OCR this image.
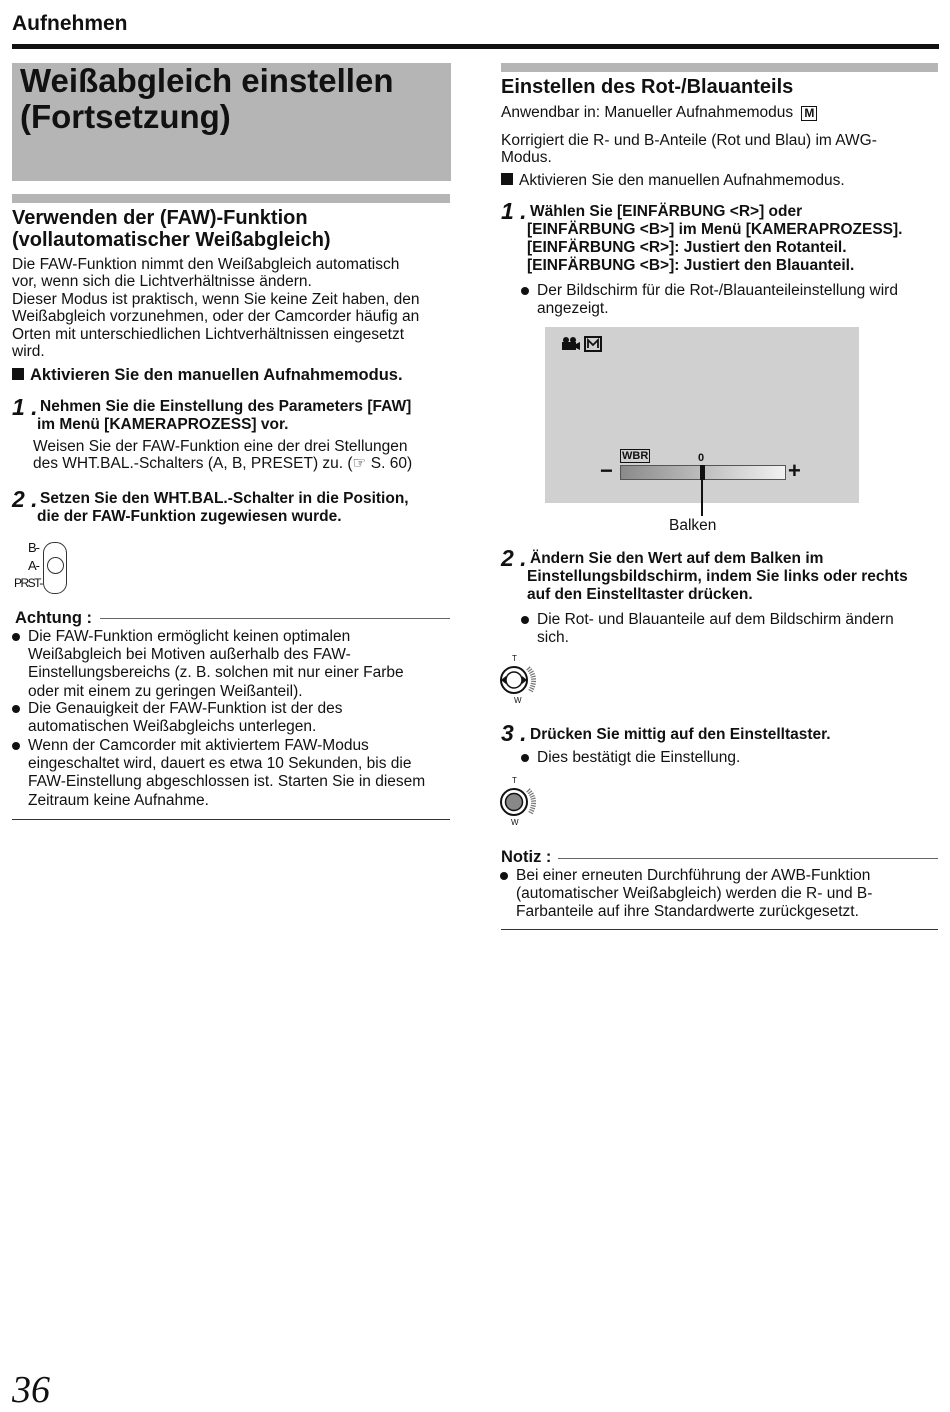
Aufnehmen
Weißabgleich einstellen
(Fortsetzung)
Verwenden der (FAW)-Funktion
(vollautomatischer Weißabgleich)
Die FAW-Funktion nimmt den Weißabgleich automatisch
vor, wenn sich die Lichtverhältnisse ändern.
Dieser Modus ist praktisch, wenn Sie keine Zeit haben, den
Weißabgleich vorzunehmen, oder der Camcorder häufig an
Orten mit unterschiedlichen Lichtverhältnissen eingesetzt
wird.
Aktivieren Sie den manuellen Aufnahmemodus.
1 . Nehmen Sie die Einstellung des Parameters [FAW]
im Menü [KAMERAPROZESS] vor.
Weisen Sie der FAW-Funktion eine der drei Stellungen
des WHT.BAL.-Schalters (A, B, PRESET) zu. (☞ S. 60)
2 . Setzen Sie den WHT.BAL.-Schalter in die Position,
die der FAW-Funktion zugewiesen wurde.
B-
A-
PRST-
Achtung :
Die FAW-Funktion ermöglicht keinen optimalen
Weißabgleich bei Motiven außerhalb des FAW-
Einstellungsbereichs (z. B. solchen mit nur einer Farbe
oder mit einem zu geringen Weißanteil).
Die Genauigkeit der FAW-Funktion ist der des
automatischen Weißabgleichs unterlegen.
Wenn der Camcorder mit aktiviertem FAW-Modus
eingeschaltet wird, dauert es etwa 10 Sekunden, bis die
FAW-Einstellung abgeschlossen ist. Starten Sie in diesem
Zeitraum keine Aufnahme.
Einstellen des Rot-/Blauanteils
Anwendbar in: Manueller Aufnahmemodus M
Korrigiert die R- und B-Anteile (Rot und Blau) im AWG-
Modus.
Aktivieren Sie den manuellen Aufnahmemodus.
1 . Wählen Sie [EINFÄRBUNG <R>] oder
[EINFÄRBUNG <B>] im Menü [KAMERAPROZESS].
[EINFÄRBUNG <R>]: Justiert den Rotanteil.
[EINFÄRBUNG <B>]: Justiert den Blauanteil.
Der Bildschirm für die Rot-/Blauanteileinstellung wird
angezeigt.
WBR	0
−	+
Balken
2 . Ändern Sie den Wert auf dem Balken im
Einstellungsbildschirm, indem Sie links oder rechts
auf den Einstelltaster drücken.
Die Rot- und Blauanteile auf dem Bildschirm ändern
sich.
T
W
3 . Drücken Sie mittig auf den Einstelltaster.
Dies bestätigt die Einstellung.
T
W
Notiz :
Bei einer erneuten Durchführung der AWB-Funktion
(automatischer Weißabgleich) werden die R- und B-
Farbanteile auf ihre Standardwerte zurückgesetzt.
36
